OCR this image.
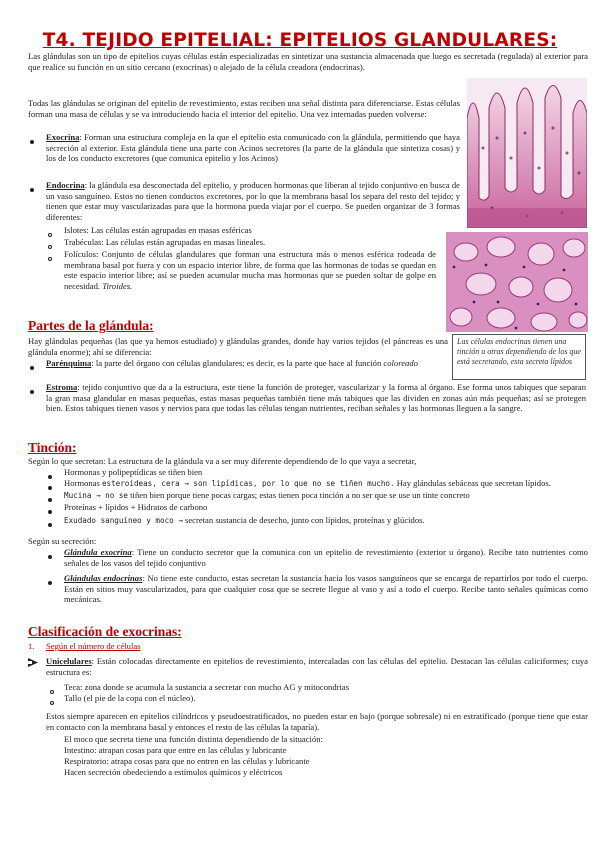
T4. TEJIDO EPITELIAL: EPITELIOS GLANDULARES:
Las glándulas son un tipo de epitelios cuyas células están especializadas en sintetizar una sustancia almacenada que luego es secretada (regulada) al exterior para que realice su función en un sitio cercano (exocrinas) o alejado de la célula creadora (endocrinas).
Todas las glándulas se originan del epitelio de revestimiento, estas reciben una señal distinta para diferenciarse. Estas células forman una masa de células y se va introduciendo hacia el interior del epitelio. Una vez internadas pueden volverse:
Exocrina: Forman una estructura compleja en la que el epitelio esta comunicado con la glándula, permitiendo que haya secreción al exterior. Esta glándula tiene una parte con Acinos secretores (la parte de la glándula que sintetiza cosas) y los de los conducto excretores (que comunica epitelio y los Acinos)
Endocrina: la glándula esa desconectada del epitelio, y producen hormonas que liberan al tejido conjuntivo en busca de un vaso sanguíneo. Estos no tienen conductos excretores, por lo que la membrana basal los separa del resto del tejido; y tienen que estar muy vascularizadas para que la hormona pueda viajar por el cuerpo. Se pueden organizar de 3 formas diferentes:
Islotes: Las células están agrupadas en masas esféricas
Trabéculas: Las células están agrupadas en masas lineales.
Folículos: Conjunto de células glandulares que forman una estructura más o menos esférica rodeada de membrana basal por fuera y con un espacio interior libre, de forma que las hormonas de todas se quedan en este espacio interior libre; así se pueden acumular mucha mas hormonas que se pueden soltar de golpe en necesidad. Tiroides.
Las células endocrinas tienen una tinción u otras dependiendo de los que está secretando, esta secreta lípidos
Partes de la glándula:
Hay glándulas pequeñas (las que ya hemos estudiado) y glándulas grandes, donde hay varios tejidos (el páncreas es una glándula enorme); ahí se diferencia:
Parénquima: la parte del órgano con células glandulares; es decir, es la parte que hace al función coloreado
Estroma: tejido conjuntivo que da a la estructura, este tiene la función de proteger, vascularizar y la forma al órgano. Ese forma unos tabiques que separan la gran masa glandular en masas pequeñas, estas masas pequeñas también tiene más tabiques que las dividen en zonas aún más pequeñas; así se protegen bien. Estos tabiques tienen vasos y nervios para que todas las células tengan nutrientes, reciban señales y las hormonas lleguen a la sangre.
Tinción:
Según lo que secretan: La estructura de la glándula va a ser muy diferente dependiendo de lo que vaya a secretar,
Hormonas y polipeptídicas se tiñen bien
Hormonas esteroideas, cera → son lipídicas, por lo que no se tiñen mucho. Hay glándulas sebáceas que secretan lípidos.
Mucina → no se tiñen bien porque tiene pocas cargas; estas tienen poca tinción a no ser que se use un tinte concreto
Proteínas + lípidos + Hidratos de carbono
Exudado sanguíneo y moco → secretan sustancia de desecho, junto con lípidos, proteínas y glúcidos.
Según su secreción:
Glándula exocrina: Tiene un conducto secretor que la comunica con un epitelio de revestimiento (exterior u órgano). Recibe tato nutrientes como señales de los vasos del tejido conjuntivo
Glándulas endocrinas: No tiene este conducto, estas secretan la sustancia hacia los vasos sanguíneos que se encarga de repartirlos por todo el cuerpo. Están en sitios muy vascularizados, para que cualquier cosa que se secrete llegue al vaso y así a todo el cuerpo. Recibe tanto señales químicas como mecánicas.
Clasificación de exocrinas:
1. Según el número de células
Unicelulares: Están colocadas directamente en epitelios de revestimiento, intercaladas con las células del epitelio. Destacan las células caliciformes; cuya estructura es:
Teca: zona donde se acumula la sustancia a secretar con mucho AG y mitocondrias
Tallo (el pie de la copa con el núcleo).
Estos siempre aparecen en epitelios cilíndricos y pseudoestratificados, no pueden estar en bajo (porque sobresale) ni en estratificado (porque tiene que estar en contacto con la membrana basal y entonces el resto de las células la taparía).
El moco que secreta tiene una función distinta dependiendo de la situación:
Intestino: atrapan cosas para que entre en las células y lubricante
Respiratorio: atrapa cosas para que no entren en las células y lubricante
Hacen secreción obedeciendo a estímulos químicos y eléctricos
